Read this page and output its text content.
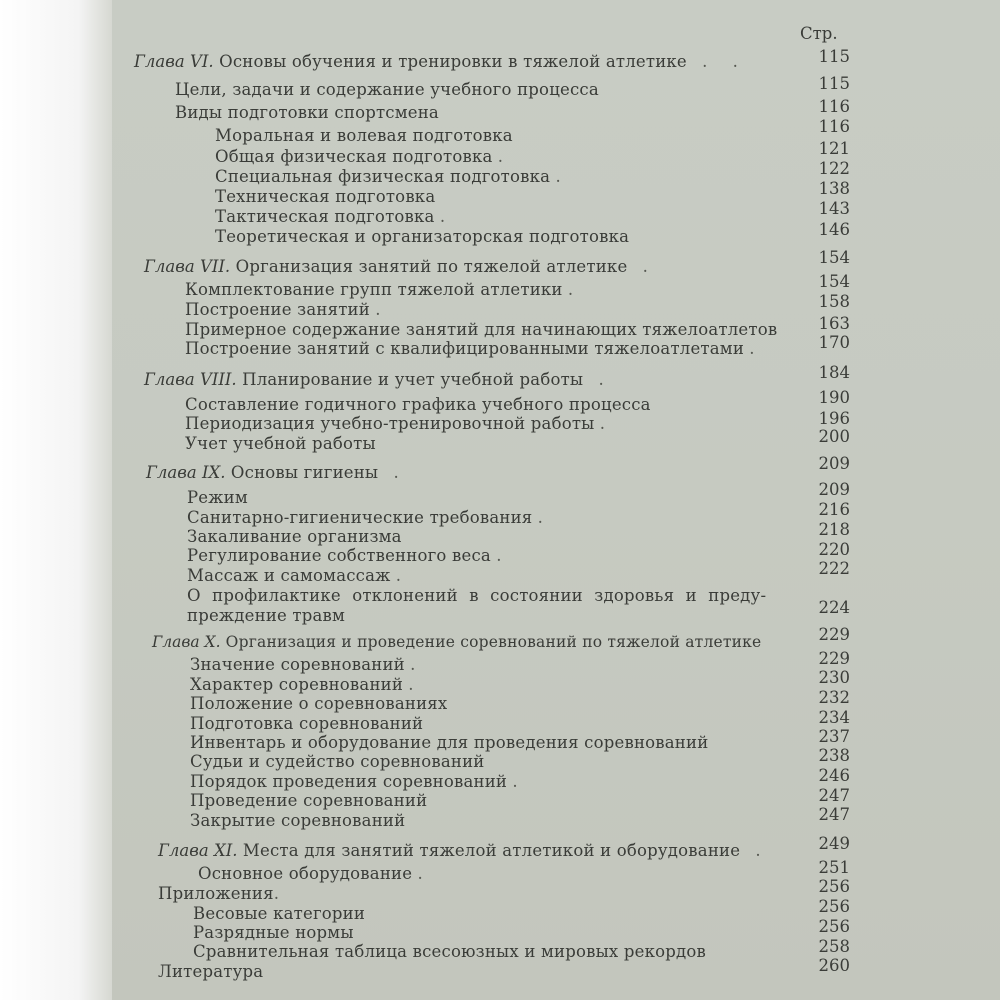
Стр.
Глава VI. Основы обучения и тренировки в тяжелой атлетике . .	115
Цели, задачи и содержание учебного процесса	115
Виды подготовки спортсмена	116
Моральная и волевая подготовка	116
Общая физическая подготовка .	121
Специальная физическая подготовка .	122
Техническая подготовка	138
Тактическая подготовка .	143
Теоретическая и организаторская подготовка	146
Глава VII. Организация занятий по тяжелой атлетике .	154
Комплектование групп тяжелой атлетики .	154
Построение занятий .	158
Примерное содержание занятий для начинающих тяжелоатлетов	163
Построение занятий с квалифицированными тяжелоатлетами .	170
Глава VIII. Планирование и учет учебной работы .	184
Составление годичного графика учебного процесса	190
Периодизация учебно-тренировочной работы .	196
Учет учебной работы	200
Глава IX. Основы гигиены .	209
Режим	209
Санитарно-гигиенические требования .	216
Закаливание организма	218
Регулирование собственного веса .	220
Массаж и самомассаж .	222
О профилактике отклонений в состоянии здоровья и преду-
преждение травм	224
Глава X. Организация и проведение соревнований по тяжелой атлетике	229
Значение соревнований .	229
Характер соревнований .	230
Положение о соревнованиях	232
Подготовка соревнований	234
Инвентарь и оборудование для проведения соревнований	237
Судьи и судейство соревнований	238
Порядок проведения соревнований .	246
Проведение соревнований	247
Закрытие соревнований	247
Глава XI. Места для занятий тяжелой атлетикой и оборудование .	249
Основное оборудование .	251
Приложения.	256
Весовые категории	256
Разрядные нормы	256
Сравнительная таблица всесоюзных и мировых рекордов	258
Литература	260
